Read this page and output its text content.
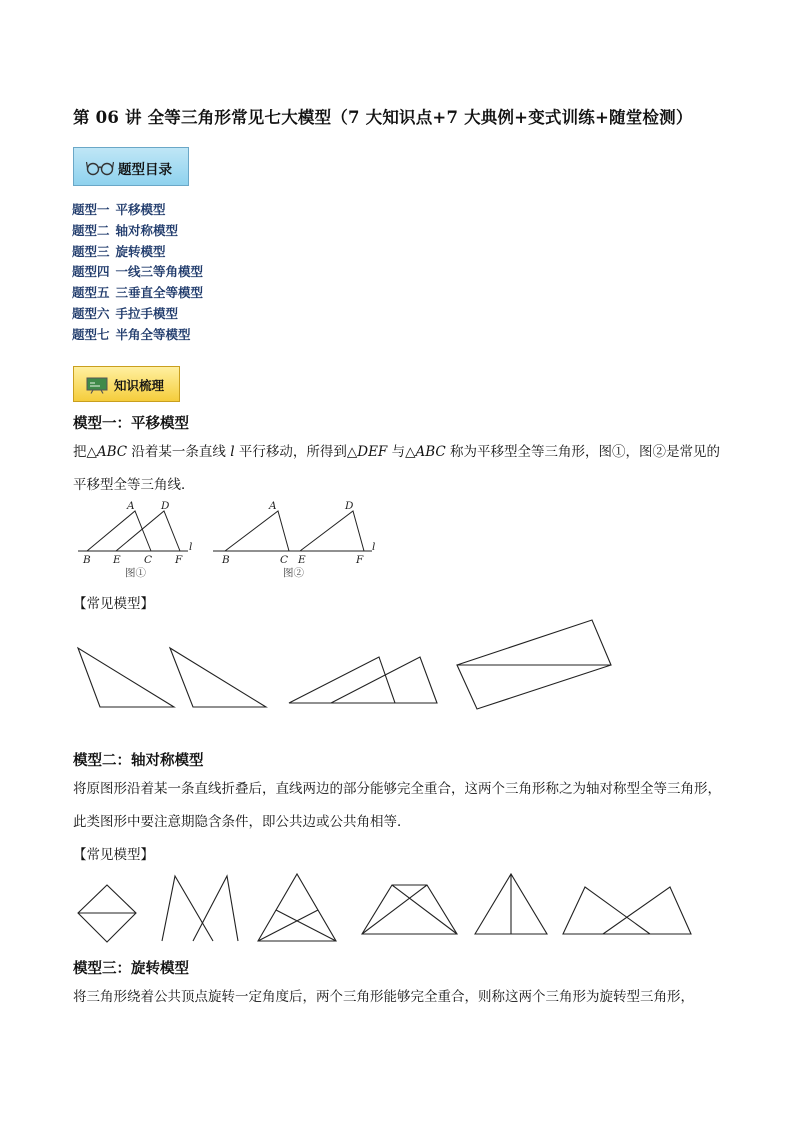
第 06 讲 全等三角形常见七大模型（7 大知识点+7 大典例+变式训练+随堂检测）
题型目录
题型一 平移模型
题型二 轴对称模型
题型三 旋转模型
题型四 一线三等角模型
题型五 三垂直全等模型
题型六 手拉手模型
题型七 半角全等模型
知识梳理
模型一：平移模型
把△ABC 沿着某一条直线 l 平行移动，所得到△DEF 与△ABC 称为平移型全等三角形，图①，图②是常见的平移型全等三角线．
A	D
B E C F
l
图①
A	D
B	C E	F
l
图②
【常见模型】
模型二：轴对称模型
将原图形沿着某一条直线折叠后，直线两边的部分能够完全重合，这两个三角形称之为轴对称型全等三角形，此类图形中要注意期隐含条件，即公共边或公共角相等．
【常见模型】
模型三：旋转模型
将三角形绕着公共顶点旋转一定角度后，两个三角形能够完全重合，则称这两个三角形为旋转型三角形，
